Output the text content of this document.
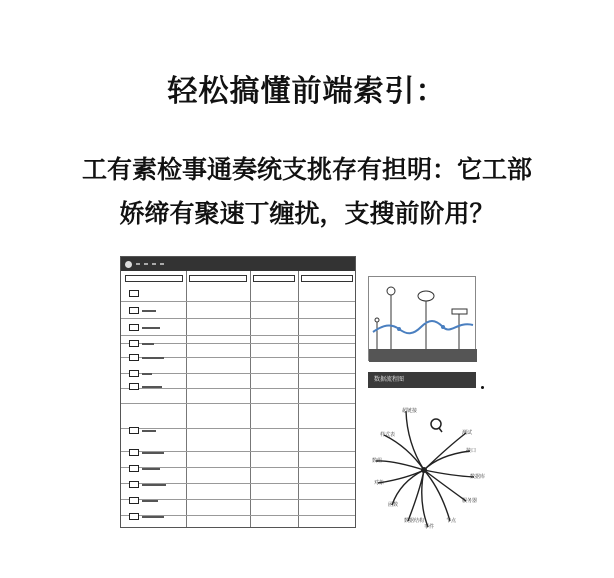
轻松搞懂前端索引：
工有素检事通奏统支挑存有担明：它工部
娇缔有聚速丁缠扰，支搜前阶用？
数据流程图
超链接
样式表
数组
对象
函数
数据结构
事件
节点
服务器
数据库
接口
测试
